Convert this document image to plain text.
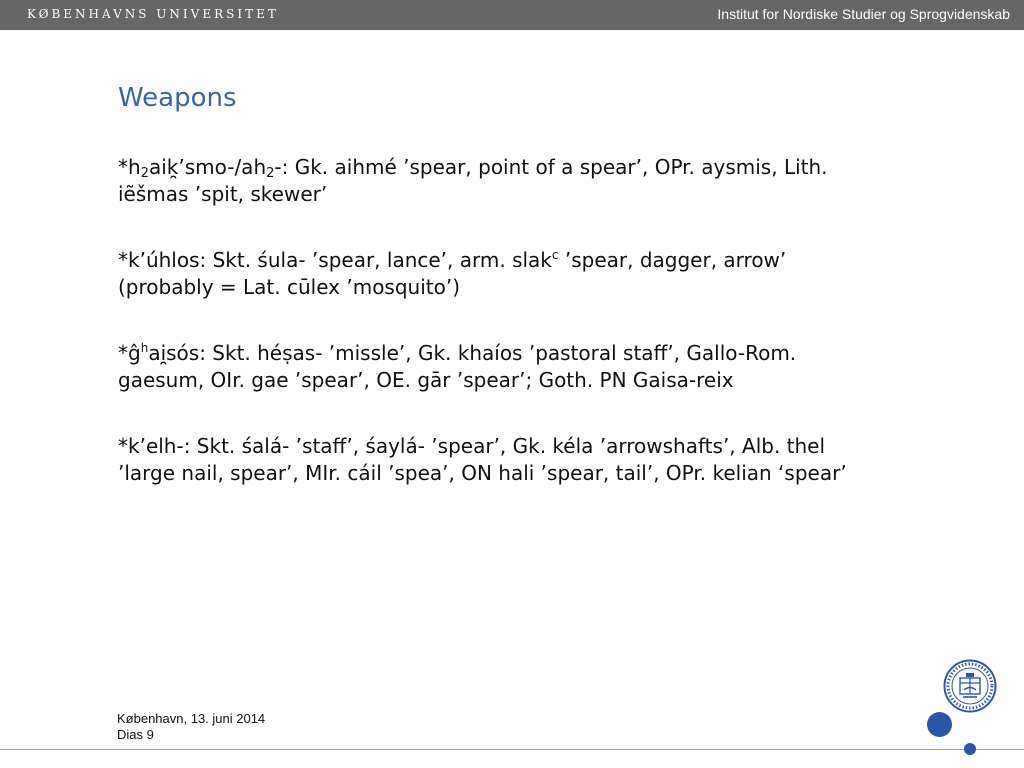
KØBENHAVNS UNIVERSITET	Institut for Nordiske Studier og Sprogvidenskab
Weapons

$*h_2aik̯’smo-/ah_2-$: Gk. aihmé ’spear, point of a spear’, OPr. aysmis, Lith. iẽšmas ’spit, skewer’

*k’úhlos: Skt. śula- ’spear, lance’, arm. slak$^c$ ’spear, dagger, arrow’ (probably = Lat. cūlex ’mosquito’)

$*ĝ^hai̯sós$: Skt. héṣas- ’missle’, Gk. khaíos ’pastoral staff’, Gallo-Rom. gaesum, OIr. gae ’spear’, OE. gār ’spear’; Goth. PN Gaisa-reix

*k’elh-: Skt. śalá- ’staff’, śaylá- ’spear’, Gk. kéla ’arrowshafts’, Alb. thel ’large nail, spear’, MIr. cáil ’spea’, ON hali ’spear, tail’, OPr. kelian ‘spear’

København, 13. juni 2014
Dias 9
